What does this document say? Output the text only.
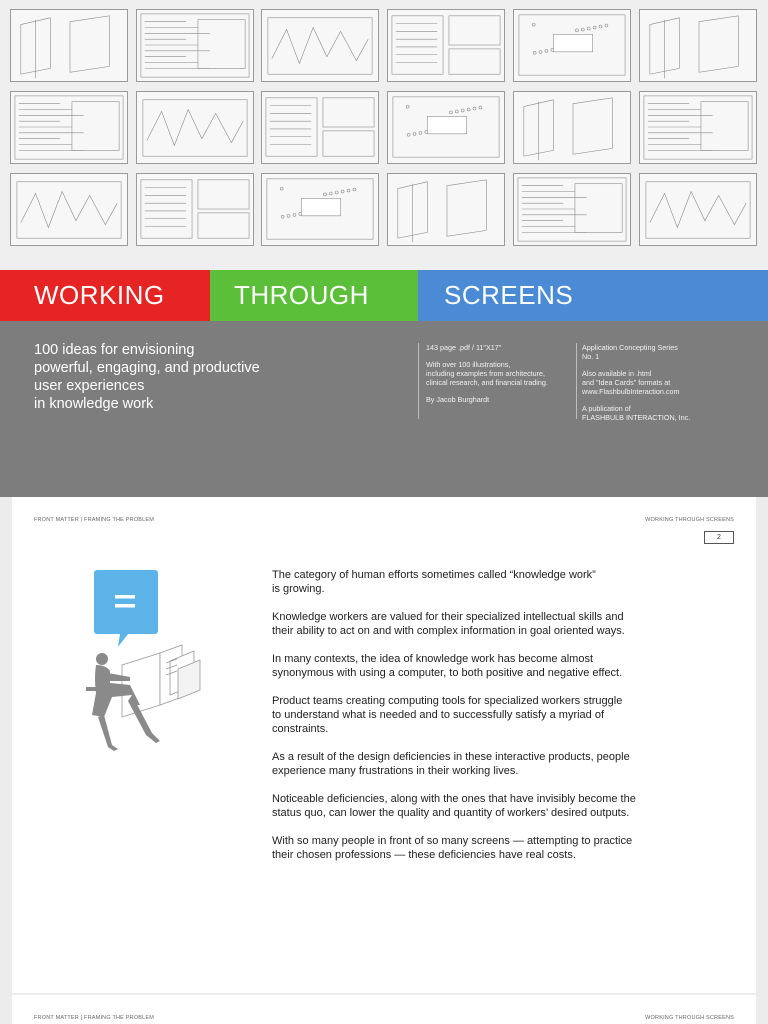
WORKING	THROUGH	SCREENS
100 ideas for envisioning
powerful, engaging, and productive
user experiences
in knowledge work

143 page .pdf / 11"X17"

With over 100 illustrations,
including examples from architecture,
clinical research, and financial trading.

By Jacob Burghardt

Application Concepting Series
No. 1

Also available in .html
and "Idea Cards" formats at
www.FlashbulbInteraction.com

A publication of
FLASHBULB INTERACTION, Inc.

FRONT MATTER | FRAMING THE PROBLEM	WORKING THROUGH SCREENS
2

The category of human efforts sometimes called “knowledge work”
is growing.

Knowledge workers are valued for their specialized intellectual skills and
their ability to act on and with complex information in goal oriented ways.

In many contexts, the idea of knowledge work has become almost
synonymous with using a computer, to both positive and negative effect.

Product teams creating computing tools for specialized workers struggle
to understand what is needed and to successfully satisfy a myriad of
constraints.

As a result of the design deficiencies in these interactive products, people
experience many frustrations in their working lives.

Noticeable deficiencies, along with the ones that have invisibly become the
status quo, can lower the quality and quantity of workers’ desired outputs.

With so many people in front of so many screens — attempting to practice
their chosen professions — these deficiencies have real costs.

FRONT MATTER | FRAMING THE PROBLEM	WORKING THROUGH SCREENS
